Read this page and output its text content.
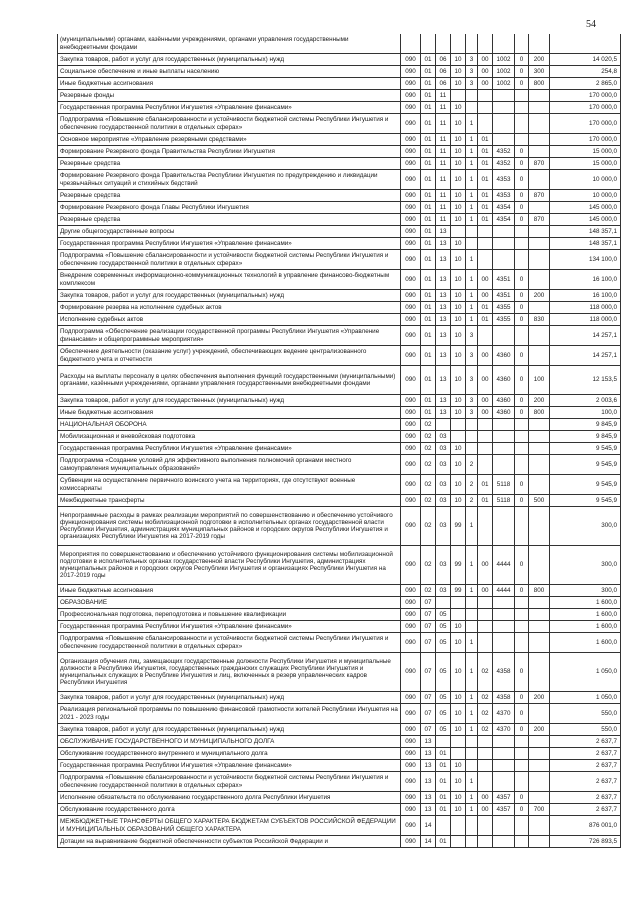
54
(муниципальными) органами, казёнными учреждениями, органами управления государственными внебюджетными фондами										
Закупка товаров, работ и услуг для государственных (муниципальных) нужд	090	01	06	10	3	00	1002	0	200	14 020,5
Социальное обеспечение и иные выплаты населению	090	01	06	10	3	00	1002	0	300	254,8
Иные бюджетные ассигнования	090	01	06	10	3	00	1002	0	800	2 865,0
Резервные фонды	090	01	11							170 000,0
Государственная программа Республики Ингушетия «Управление финансами»	090	01	11	10						170 000,0
Подпрограмма «Повышение сбалансированности и устойчивости бюджетной системы Республики Ингушетия и обеспечение государственной политики в отдельных сферах»	090	01	11	10	1					170 000,0
Основное мероприятие «Управление резервными средствами»	090	01	11	10	1	01				170 000,0
Формирование Резервного фонда Правительства Республики Ингушетия	090	01	11	10	1	01	4352	0		15 000,0
Резервные средства	090	01	11	10	1	01	4352	0	870	15 000,0
Формирование Резервного фонда Правительства Республики Ингушетия по предупреждению и ликвидации чрезвычайных ситуаций и стихийных бедствий	090	01	11	10	1	01	4353	0		10 000,0
Резервные средства	090	01	11	10	1	01	4353	0	870	10 000,0
Формирование Резервного фонда Главы Республики Ингушетия	090	01	11	10	1	01	4354	0		145 000,0
Резервные средства	090	01	11	10	1	01	4354	0	870	145 000,0
Другие общегосударственные вопросы	090	01	13							148 357,1
Государственная программа Республики Ингушетия «Управление финансами»	090	01	13	10						148 357,1
Подпрограмма «Повышение сбалансированности и устойчивости бюджетной системы Республики Ингушетия и обеспечение государственной политики в отдельных сферах»	090	01	13	10	1					134 100,0
Внедрение современных информационно-коммуникационных технологий в управление финансово-бюджетным комплексом	090	01	13	10	1	00	4351	0		16 100,0
Закупка товаров, работ и услуг для государственных (муниципальных) нужд	090	01	13	10	1	00	4351	0	200	16 100,0
Формирование резерва на исполнение судебных актов	090	01	13	10	1	01	4355	0		118 000,0
Исполнение судебных актов	090	01	13	10	1	01	4355	0	830	118 000,0
Подпрограмма «Обеспечение реализации государственной программы Республики Ингушетия «Управление финансами» и общепрограммные мероприятия»	090	01	13	10	3					14 257,1
Обеспечение деятельности (оказание услуг) учреждений, обеспечивающих ведение централизованного бюджетного учета и отчетности	090	01	13	10	3	00	4360	0		14 257,1
Расходы на выплаты персоналу в целях обеспечения выполнения функций государственными (муниципальными) органами, казёнными учреждениями, органами управления государственными внебюджетными фондами	090	01	13	10	3	00	4360	0	100	12 153,5
Закупка товаров, работ и услуг для государственных (муниципальных) нужд	090	01	13	10	3	00	4360	0	200	2 003,6
Иные бюджетные ассигнования	090	01	13	10	3	00	4360	0	800	100,0
НАЦИОНАЛЬНАЯ ОБОРОНА	090	02								9 845,9
Мобилизационная и вневойсковая подготовка	090	02	03							9 845,9
Государственная программа Республики Ингушетия «Управление финансами»	090	02	03	10						9 545,9
Подпрограмма «Создание условий для эффективного выполнения полномочий органами местного самоуправления муниципальных образований»	090	02	03	10	2					9 545,9
Субвенции на осуществление первичного воинского учета на территориях, где отсутствуют военные комиссариаты	090	02	03	10	2	01	5118	0		9 545,9
Межбюджетные трансферты	090	02	03	10	2	01	5118	0	500	9 545,9
Непрограммные расходы в рамках реализации мероприятий по совершенствованию и обеспечению устойчивого функционирования системы мобилизационной подготовки в исполнительных органах государственной власти Республики Ингушетия, администрациях муниципальных районов и городских округов Республики Ингушетия и организациях Республики Ингушетия на 2017-2019 годы	090	02	03	99	1					300,0
Мероприятия по совершенствованию и обеспечению устойчивого функционирования системы мобилизационной подготовки в исполнительных органах государственной власти Республики Ингушетия, администрациях муниципальных районов и городских округов Республики Ингушетия и организациях Республики Ингушетия на 2017-2019 годы	090	02	03	99	1	00	4444	0		300,0
Иные бюджетные ассигнования	090	02	03	99	1	00	4444	0	800	300,0
ОБРАЗОВАНИЕ	090	07								1 600,0
Профессиональная подготовка, переподготовка и повышение квалификации	090	07	05							1 600,0
Государственная программа Республики Ингушетия «Управление финансами»	090	07	05	10						1 600,0
Подпрограмма «Повышение сбалансированности и устойчивости бюджетной системы Республики Ингушетия и обеспечение государственной политики в отдельных сферах»	090	07	05	10	1					1 600,0
Организация обучения лиц, замещающих государственные должности Республики Ингушетия и муниципальные должности в Республике Ингушетия, государственных гражданских служащих Республики Ингушетия и муниципальных служащих в Республике Ингушетия и лиц, включенных в резерв управленческих кадров Республики Ингушетия	090	07	05	10	1	02	4358	0		1 050,0
Закупка товаров, работ и услуг для государственных (муниципальных) нужд	090	07	05	10	1	02	4358	0	200	1 050,0
Реализация региональной программы по повышению финансовой грамотности жителей Республики Ингушетия на 2021 - 2023 годы	090	07	05	10	1	02	4370	0		550,0
Закупка товаров, работ и услуг для государственных (муниципальных) нужд	090	07	05	10	1	02	4370	0	200	550,0
ОБСЛУЖИВАНИЕ ГОСУДАРСТВЕННОГО И МУНИЦИПАЛЬНОГО ДОЛГА	090	13								2 637,7
Обслуживание государственного внутреннего и муниципального долга	090	13	01							2 637,7
Государственная программа Республики Ингушетия «Управление финансами»	090	13	01	10						2 637,7
Подпрограмма «Повышение сбалансированности и устойчивости бюджетной системы Республики Ингушетия и обеспечение государственной политики в отдельных сферах»	090	13	01	10	1					2 637,7
Исполнение обязательств по обслуживанию государственного долга Республики Ингушетия	090	13	01	10	1	00	4357	0		2 637,7
Обслуживание государственного долга	090	13	01	10	1	00	4357	0	700	2 637,7
МЕЖБЮДЖЕТНЫЕ ТРАНСФЕРТЫ ОБЩЕГО ХАРАКТЕРА БЮДЖЕТАМ СУБЪЕКТОВ РОССИЙСКОЙ ФЕДЕРАЦИИ И МУНИЦИПАЛЬНЫХ ОБРАЗОВАНИЙ ОБЩЕГО ХАРАКТЕРА	090	14								876 001,0
Дотации на выравнивание бюджетной обеспеченности субъектов Российской Федерации и	090	14	01							726 893,5
